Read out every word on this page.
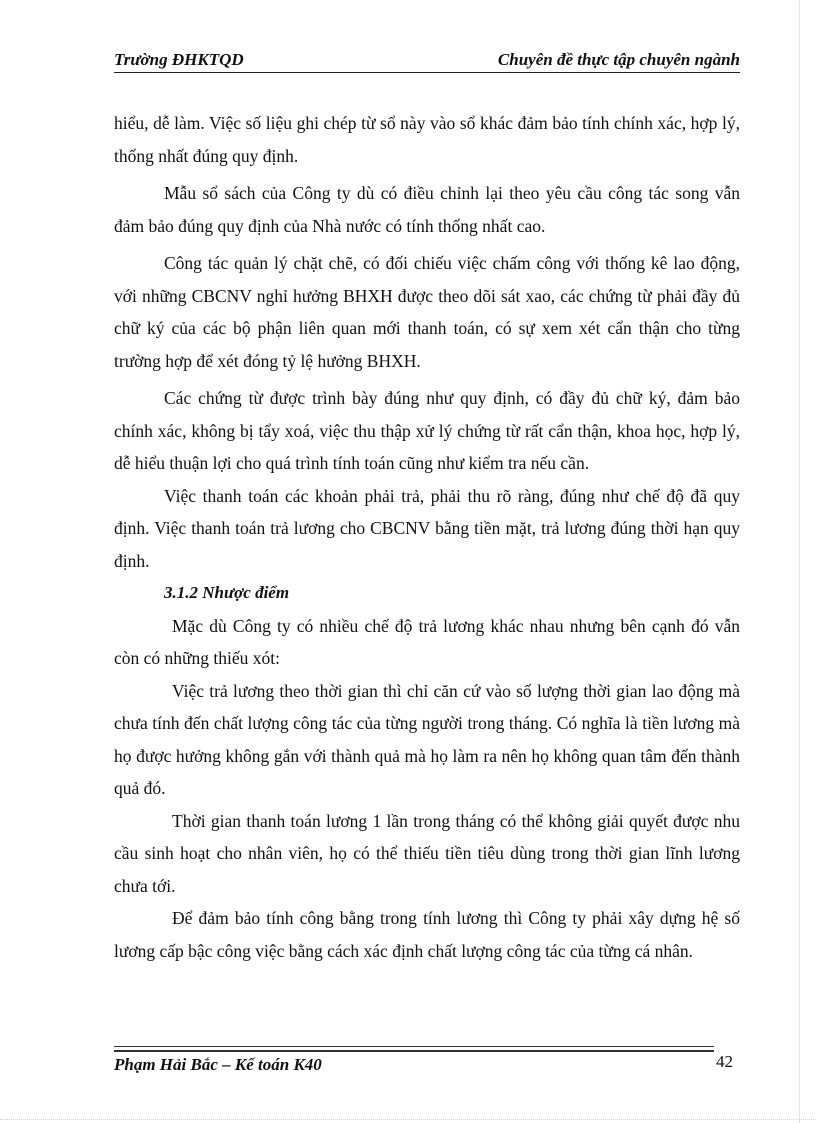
Trường ĐHKTQD	Chuyên đề thực tập chuyên ngành

hiểu, dễ làm. Việc số liệu ghi chép từ sổ này vào sổ khác đảm bảo tính chính xác, hợp lý, thống nhất đúng quy định.

Mẫu sổ sách của Công ty dù có điều chỉnh lại theo yêu cầu công tác song vẫn đảm bảo đúng quy định của Nhà nước có tính thống nhất cao.

Công tác quản lý chặt chẽ, có đối chiếu việc chấm công với thống kê lao động, với những CBCNV nghỉ hưởng BHXH được theo dõi sát xao, các chứng từ phải đầy đủ chữ ký của các bộ phận liên quan mới thanh toán, có sự xem xét cẩn thận cho từng trường hợp để xét đóng tỷ lệ hưởng BHXH.

Các chứng từ được trình bày đúng như quy định, có đầy đủ chữ ký, đảm bảo chính xác, không bị tẩy xoá, việc thu thập xử lý chứng từ rất cẩn thận, khoa học, hợp lý, dễ hiểu thuận lợi cho quá trình tính toán cũng như kiểm tra nếu cần.

Việc thanh toán các khoản phải trả, phải thu rõ ràng, đúng như chế độ đã quy định. Việc thanh toán trả lương cho CBCNV bằng tiền mặt, trả lương đúng thời hạn quy định.

3.1.2 Nhược điểm

Mặc dù Công ty có nhiều chế độ trả lương khác nhau nhưng bên cạnh đó vẫn còn có những thiếu xót:

Việc trả lương theo thời gian thì chỉ căn cứ vào số lượng thời gian lao động mà chưa tính đến chất lượng công tác của từng người trong tháng. Có nghĩa là tiền lương mà họ được hưởng không gắn với thành quả mà họ làm ra nên họ không quan tâm đến thành quả đó.

Thời gian thanh toán lương 1 lần trong tháng có thể không giải quyết được nhu cầu sinh hoạt cho nhân viên, họ có thể thiếu tiền tiêu dùng trong thời gian lĩnh lương chưa tới.

Để đảm bảo tính công bằng trong tính lương thì Công ty phải xây dựng hệ số lương cấp bậc công việc bằng cách xác định chất lượng công tác của từng cá nhân.

Phạm Hải Bắc – Kế toán K40	42
